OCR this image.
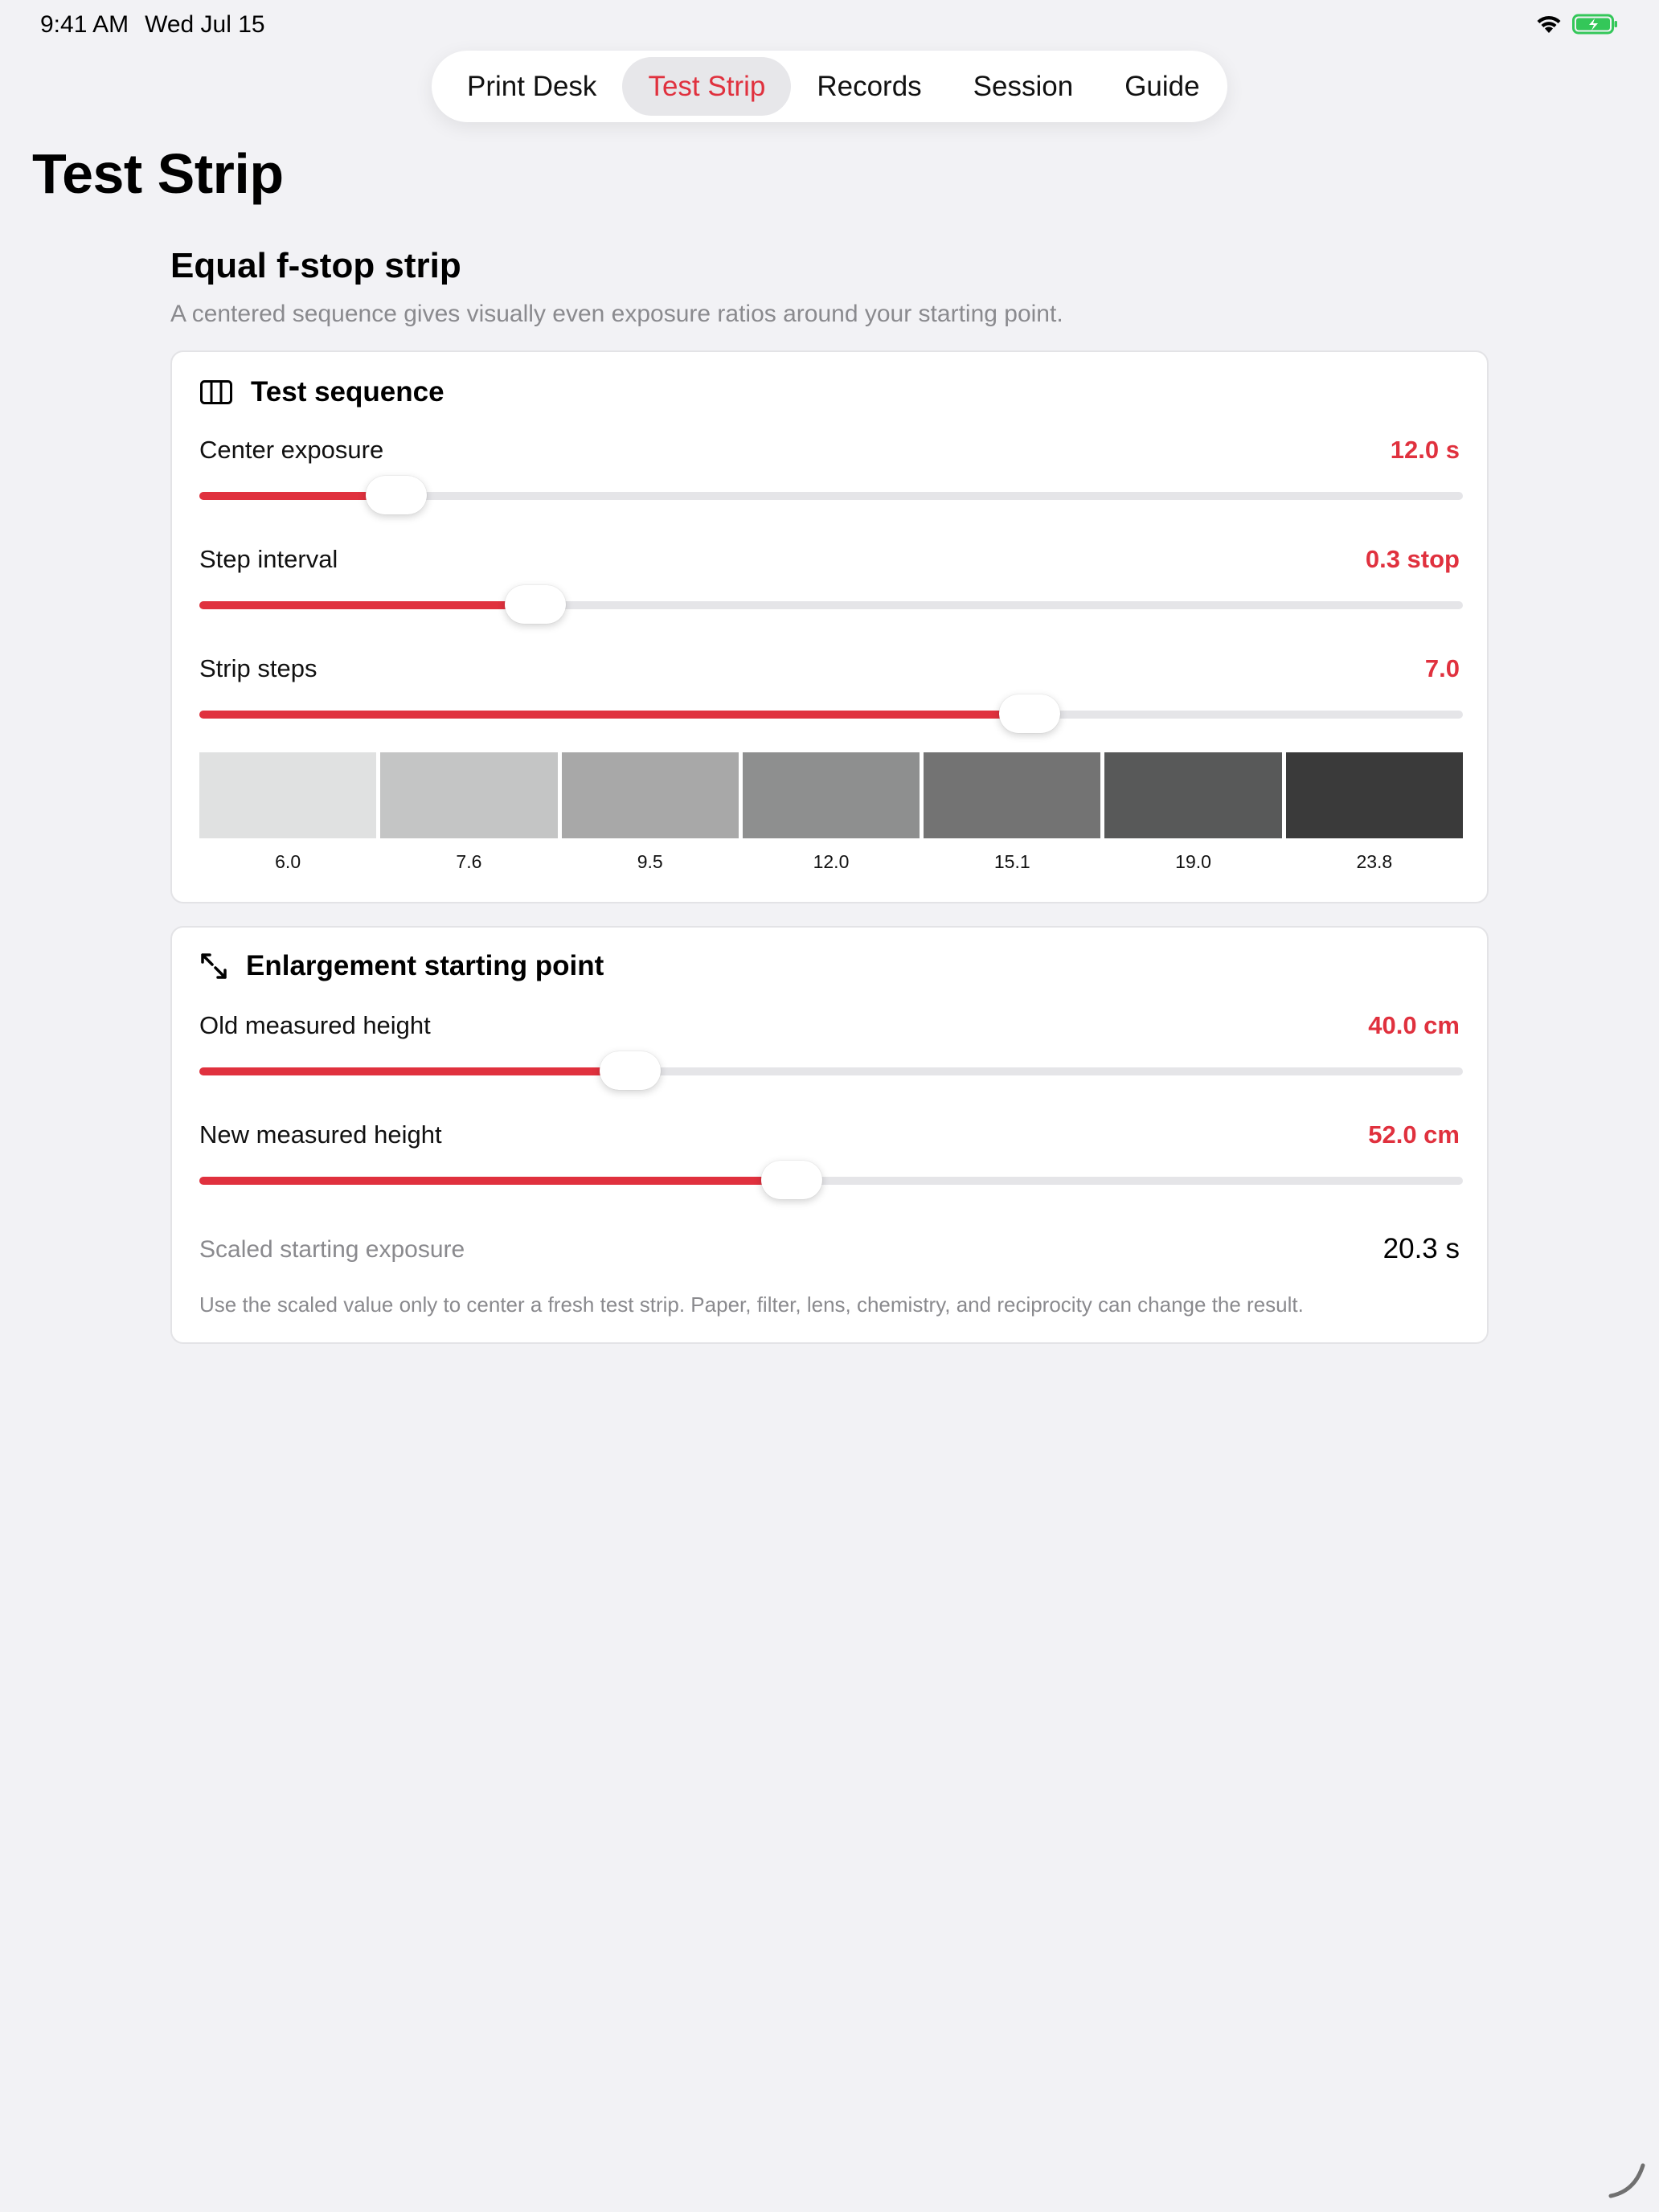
9:41 AM Wed Jul 15
Print Desk	Test Strip	Records	Session	Guide
Test Strip
Equal f-stop strip

A centered sequence gives visually even exposure ratios around your starting point.

Test sequence
Center exposure	12.0 s
Step interval	0.3 stop
Strip steps	7.0
6.0	7.6	9.5	12.0	15.1	19.0	23.8
Enlargement starting point
Old measured height	40.0 cm
New measured height	52.0 cm
Scaled starting exposure	20.3 s
Use the scaled value only to center a fresh test strip. Paper, filter, lens, chemistry, and reciprocity can change the result.
